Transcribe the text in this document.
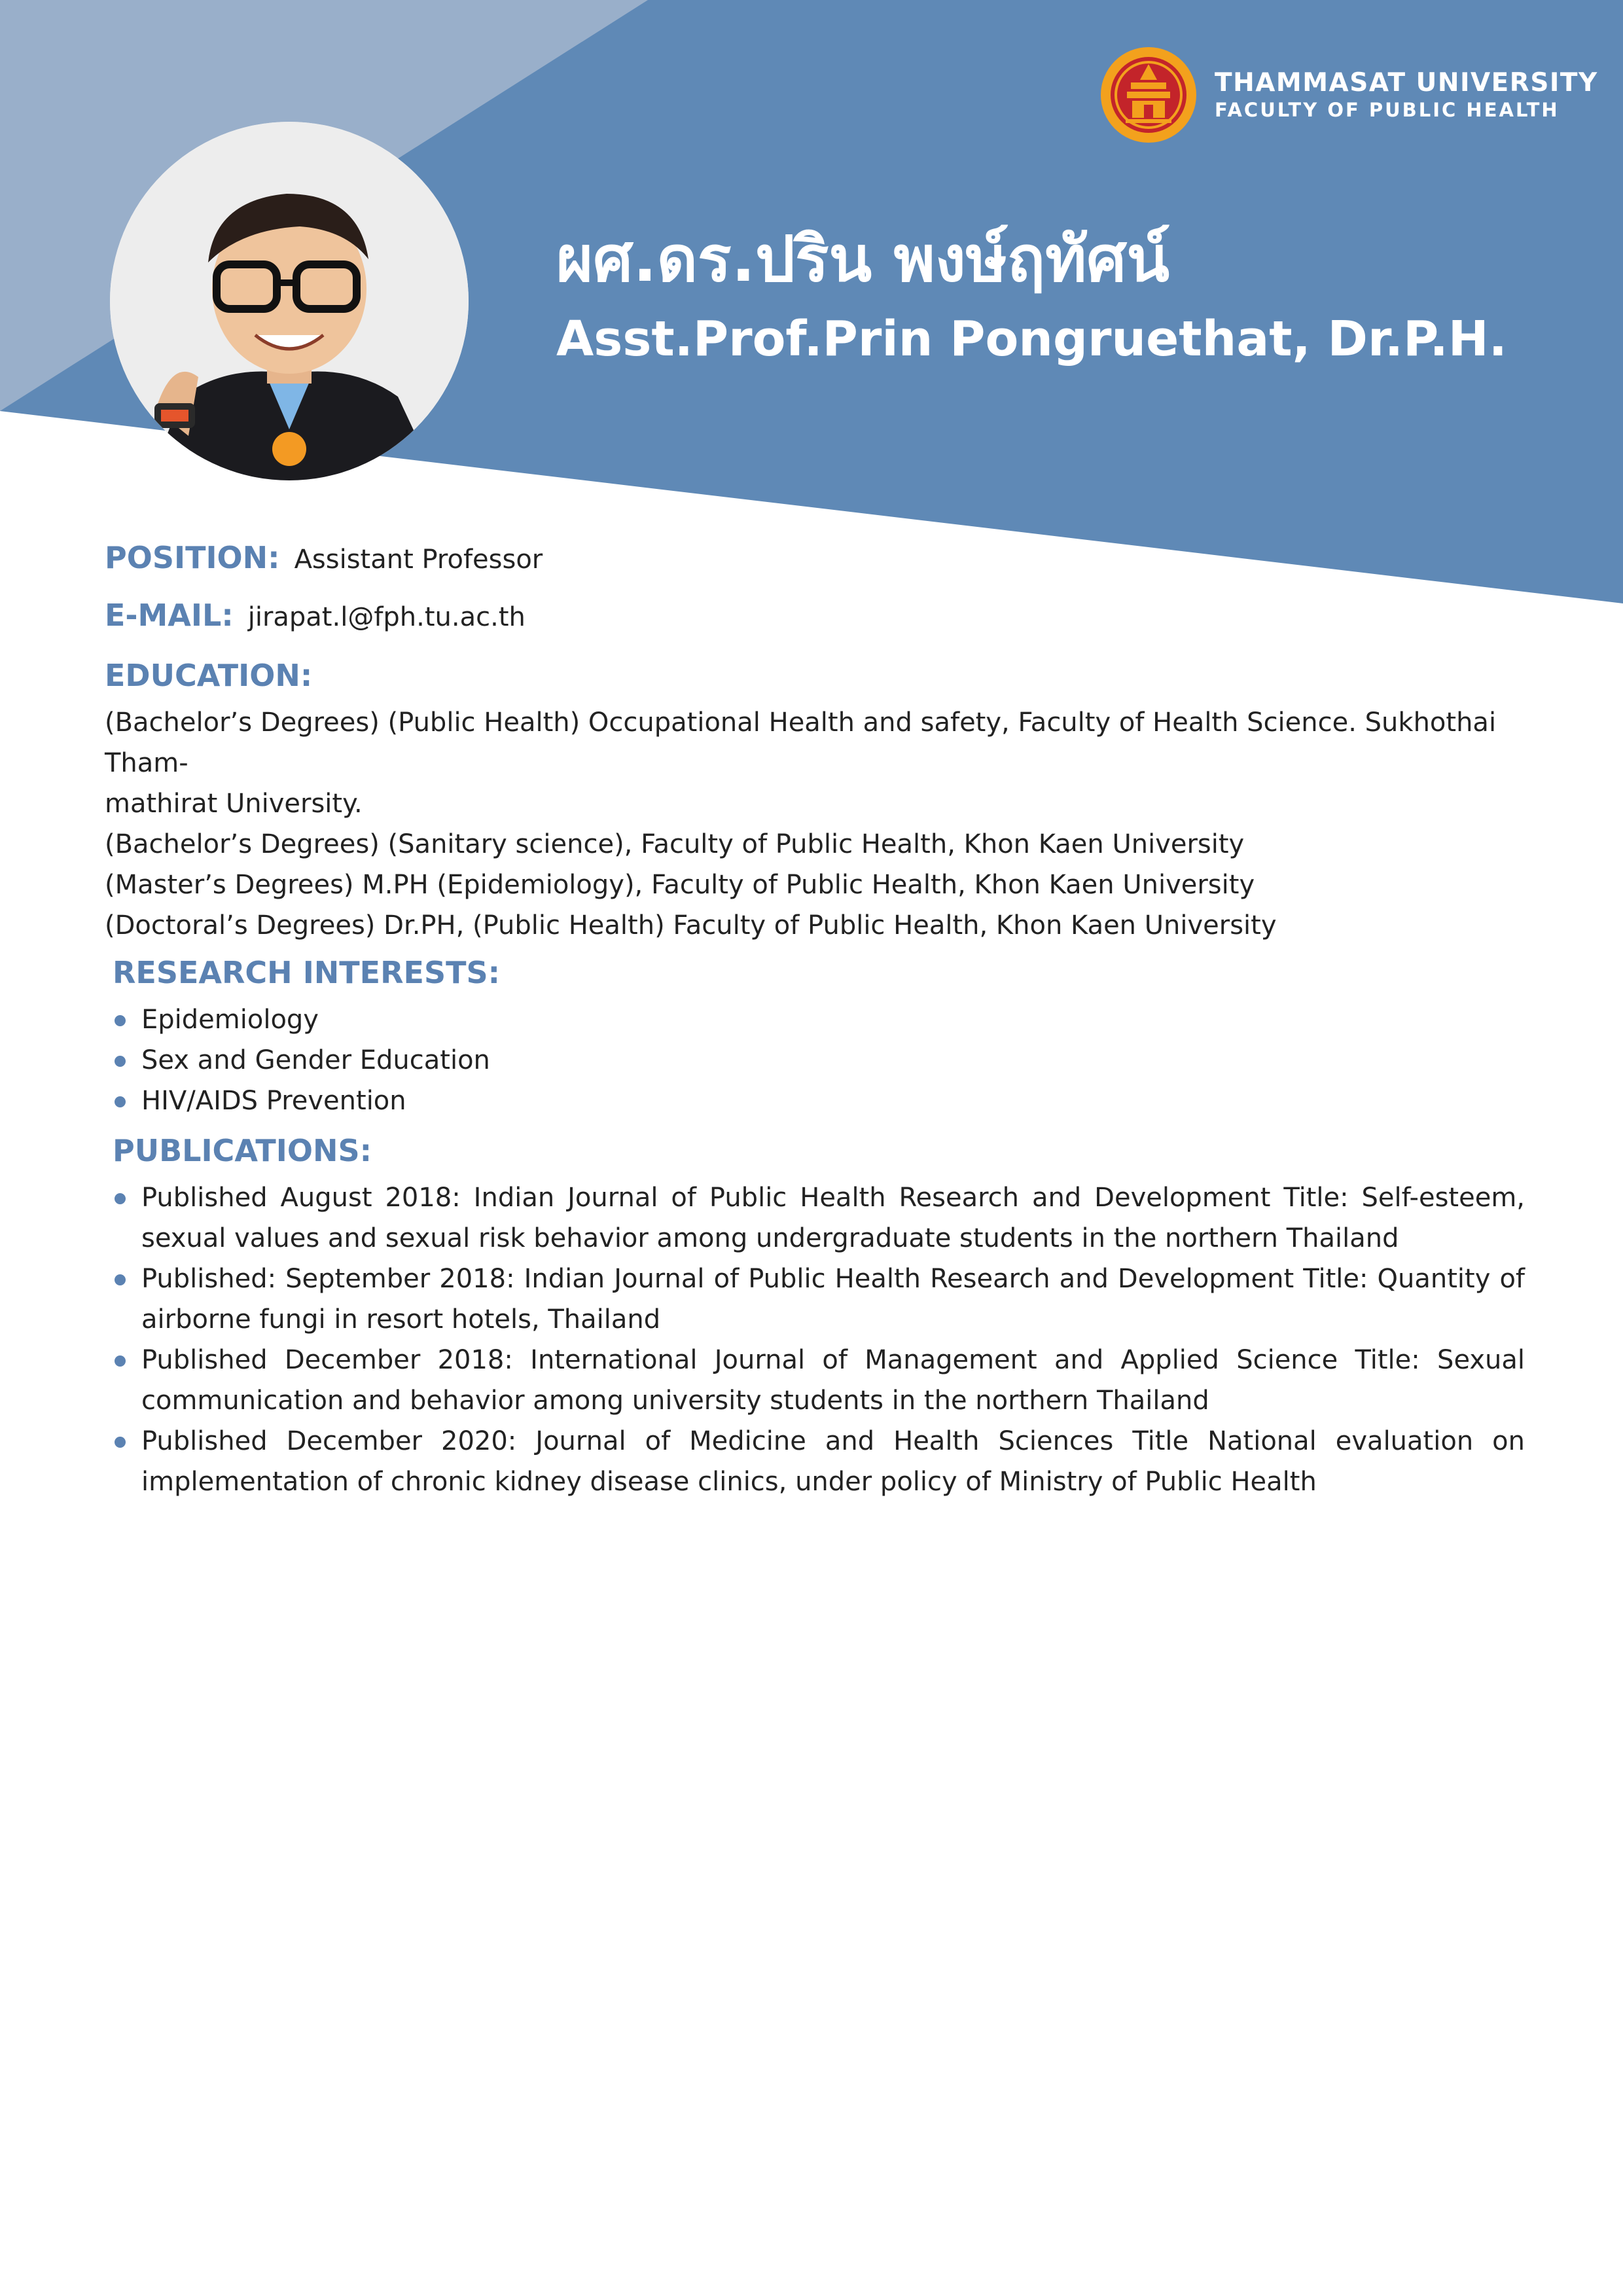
THAMMASAT UNIVERSITY
FACULTY OF PUBLIC HEALTH
ผศ.ดร.ปริน พงษ์ฤทัศน์
Asst.Prof.Prin Pongruethat, Dr.P.H.
POSITION: Assistant Professor
E-MAIL: jirapat.l@fph.tu.ac.th
EDUCATION:
(Bachelor’s Degrees) (Public Health) Occupational Health and safety, Faculty of Health Science. Sukhothai Tham-
mathirat University.
(Bachelor’s Degrees) (Sanitary science), Faculty of Public Health, Khon Kaen University
(Master’s Degrees) M.PH (Epidemiology), Faculty of Public Health, Khon Kaen University
(Doctoral’s Degrees) Dr.PH, (Public Health) Faculty of Public Health, Khon Kaen University
RESEARCH INTERESTS:
Epidemiology
Sex and Gender Education
HIV/AIDS Prevention
PUBLICATIONS:
Published August 2018: Indian Journal of Public Health Research and Development Title: Self-esteem, sexual values and sexual risk behavior among undergraduate students in the northern Thailand
Published: September 2018: Indian Journal of Public Health Research and Development Title: Quantity of airborne fungi in resort hotels, Thailand
Published December 2018: International Journal of Management and Applied Science Title: Sexual communication and behavior among university students in the northern Thailand
Published December 2020: Journal of Medicine and Health Sciences Title National evaluation on implementation of chronic kidney disease clinics, under policy of Ministry of Public Health
